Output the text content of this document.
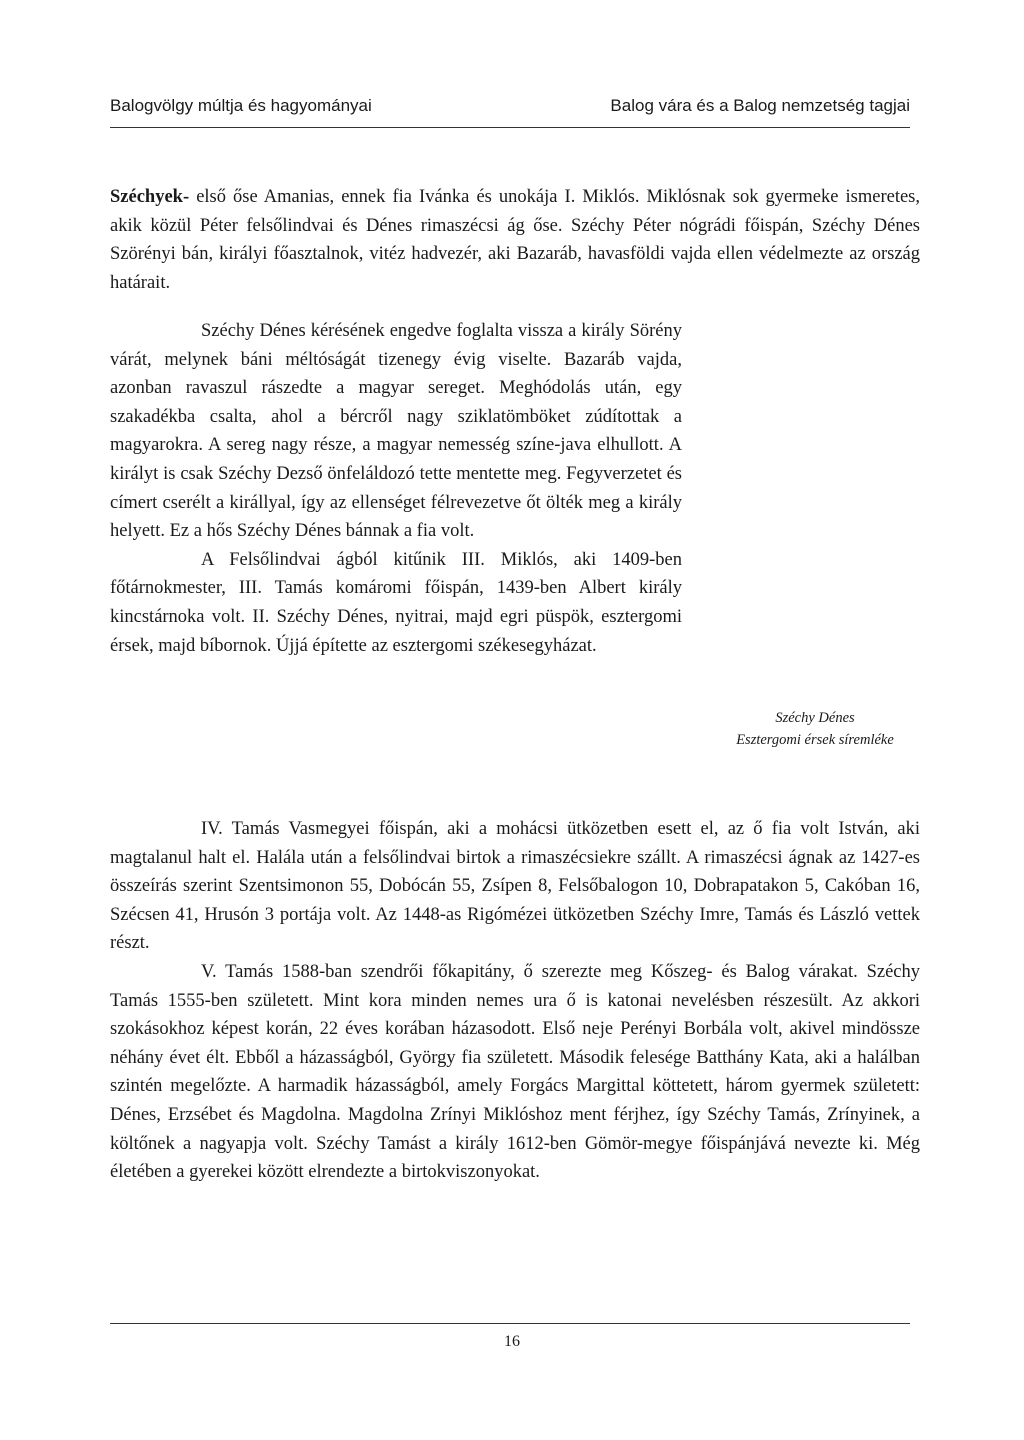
Balogvölgy múltja és hagyományai	Balog vára és a Balog nemzetség tagjai
Széchyek- első őse Amanias, ennek fia Ivánka és unokája I. Miklós. Miklósnak sok gyermeke ismeretes, akik közül Péter felsőlindvai és Dénes rimaszécsi ág őse. Széchy Péter nógrádi főispán, Széchy Dénes Szörényi bán, királyi főasztalnok, vitéz hadvezér, aki Bazaráb, havasföldi vajda ellen védelmezte az ország határait.

Széchy Dénes kérésének engedve foglalta vissza a király Sörény várát, melynek báni méltóságát tizenegy évig viselte. Bazaráb vajda, azonban ravaszul rászedte a magyar sereget. Meghódolás után, egy szakadékba csalta, ahol a bércről nagy sziklatömböket zúdítottak a magyarokra. A sereg nagy része, a magyar nemesség színe-java elhullott. A királyt is csak Széchy Dezső önfeláldozó tette mentette meg. Fegyverzetet és címert cserélt a királlyal, így az ellenséget félrevezetve őt ölték meg a király helyett. Ez a hős Széchy Dénes bánnak a fia volt.

A Felsőlindvai ágból kitűnik III. Miklós, aki 1409-ben főtárnokmester, III. Tamás komáromi főispán, 1439-ben Albert király kincstárnoka volt. II. Széchy Dénes, nyitrai, majd egri püspök, esztergomi érsek, majd bíbornok. Újjá építette az esztergomi székesegyházat.

Széchy Dénes
Esztergomi érsek síremléke

IV. Tamás Vasmegyei főispán, aki a mohácsi ütközetben esett el, az ő fia volt István, aki magtalanul halt el. Halála után a felsőlindvai birtok a rimaszécsiekre szállt. A rimaszécsi ágnak az 1427-es összeírás szerint Szentsimonon 55, Dobócán 55, Zsípen 8, Felsőbalogon 10, Dobrapatakon 5, Cakóban 16, Szécsen 41, Hrusón 3 portája volt. Az 1448-as Rigómézei ütközetben Széchy Imre, Tamás és László vettek részt.

V. Tamás 1588-ban szendrői főkapitány, ő szerezte meg Kőszeg- és Balog várakat. Széchy Tamás 1555-ben született. Mint kora minden nemes ura ő is katonai nevelésben részesült. Az akkori szokásokhoz képest korán, 22 éves korában házasodott. Első neje Perényi Borbála volt, akivel mindössze néhány évet élt. Ebből a házasságból, György fia született. Második felesége Batthány Kata, aki a halálban szintén megelőzte. A harmadik házasságból, amely Forgács Margittal köttetett, három gyermek született: Dénes, Erzsébet és Magdolna. Magdolna Zrínyi Miklóshoz ment férjhez, így Széchy Tamás, Zrínyinek, a költőnek a nagyapja volt. Széchy Tamást a király 1612-ben Gömör-megye főispánjává nevezte ki. Még életében a gyerekei között elrendezte a birtokviszonyokat.

16
